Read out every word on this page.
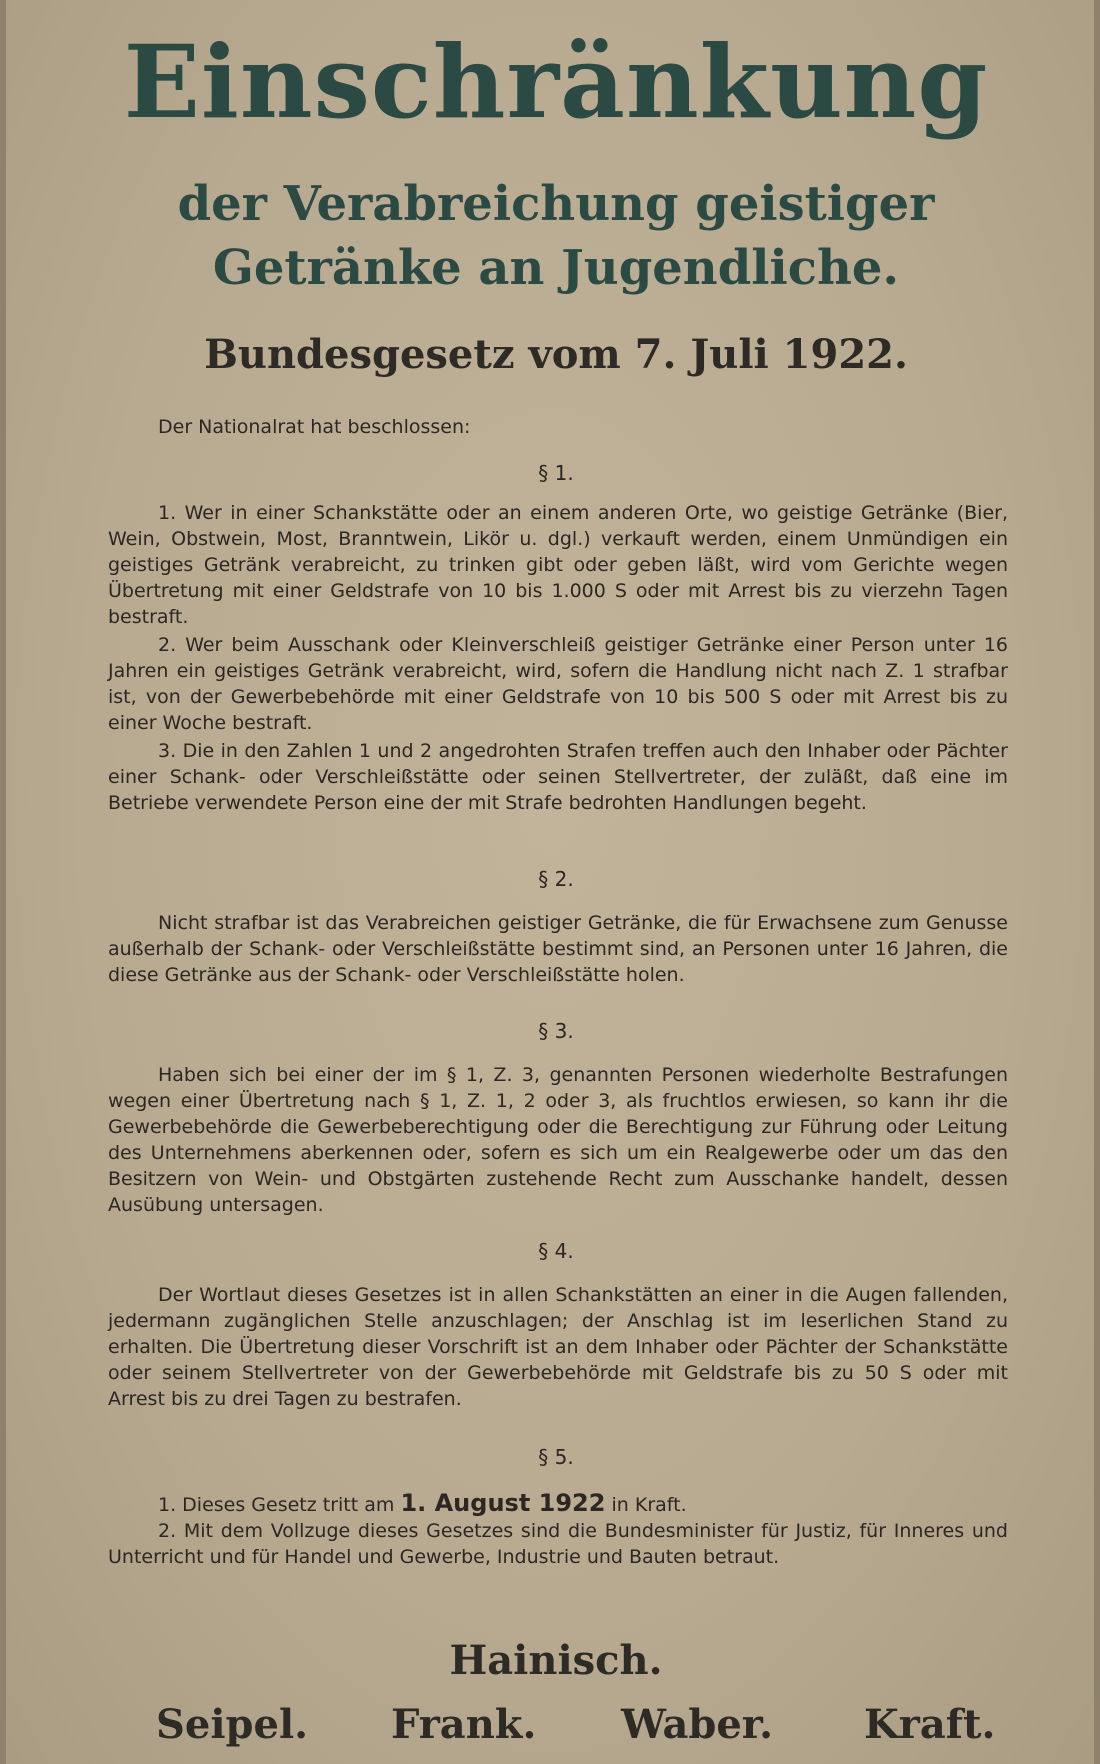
Einschränkung
der Verabreichung geistiger Getränke an Jugendliche.
Bundesgesetz vom 7. Juli 1922.
Der Nationalrat hat beschlossen:
§ 1.

1. Wer in einer Schankstätte oder an einem anderen Orte, wo geistige Getränke (Bier, Wein, Obstwein, Most, Branntwein, Likör u. dgl.) verkauft werden, einem Unmündigen ein geistiges Getränk verabreicht, zu trinken gibt oder geben läßt, wird vom Gerichte wegen Übertretung mit einer Geldstrafe von 10 bis 1.000 S oder mit Arrest bis zu vierzehn Tagen bestraft.

2. Wer beim Ausschank oder Kleinverschleiß geistiger Getränke einer Person unter 16 Jahren ein geistiges Getränk verabreicht, wird, sofern die Handlung nicht nach Z. 1 strafbar ist, von der Gewerbebehörde mit einer Geldstrafe von 10 bis 500 S oder mit Arrest bis zu einer Woche bestraft.

3. Die in den Zahlen 1 und 2 angedrohten Strafen treffen auch den Inhaber oder Pächter einer Schank- oder Verschleißstätte oder seinen Stellvertreter, der zuläßt, daß eine im Betriebe verwendete Person eine der mit Strafe bedrohten Handlungen begeht.

§ 2.

Nicht strafbar ist das Verabreichen geistiger Getränke, die für Erwachsene zum Genusse außerhalb der Schank- oder Verschleißstätte bestimmt sind, an Personen unter 16 Jahren, die diese Getränke aus der Schank- oder Verschleißstätte holen.

§ 3.

Haben sich bei einer der im § 1, Z. 3, genannten Personen wiederholte Bestrafungen wegen einer Übertretung nach § 1, Z. 1, 2 oder 3, als fruchtlos erwiesen, so kann ihr die Gewerbebehörde die Gewerbeberechtigung oder die Berechtigung zur Führung oder Leitung des Unternehmens aberkennen oder, sofern es sich um ein Realgewerbe oder um das den Besitzern von Wein- und Obstgärten zustehende Recht zum Ausschanke handelt, dessen Ausübung untersagen.

§ 4.

Der Wortlaut dieses Gesetzes ist in allen Schankstätten an einer in die Augen fallenden, jedermann zugänglichen Stelle anzuschlagen; der Anschlag ist im leserlichen Stand zu erhalten. Die Übertretung dieser Vorschrift ist an dem Inhaber oder Pächter der Schankstätte oder seinem Stellvertreter von der Gewerbebehörde mit Geldstrafe bis zu 50 S oder mit Arrest bis zu drei Tagen zu bestrafen.

§ 5.

1. Dieses Gesetz tritt am 1. August 1922 in Kraft.

2. Mit dem Vollzuge dieses Gesetzes sind die Bundesminister für Justiz, für Inneres und Unterricht und für Handel und Gewerbe, Industrie und Bauten betraut.

Hainisch.
Seipel. Frank. Waber. Kraft.
